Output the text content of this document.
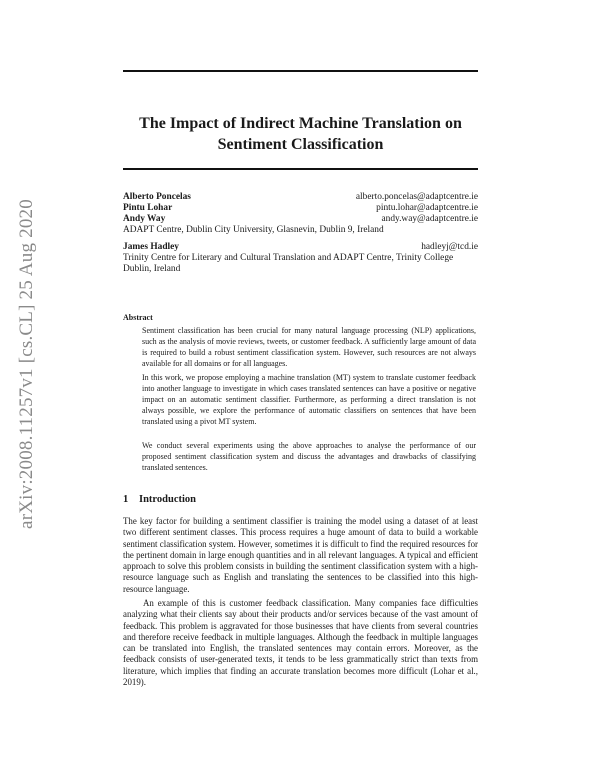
arXiv:2008.11257v1 [cs.CL] 25 Aug 2020
The Impact of Indirect Machine Translation on Sentiment Classification
Alberto Poncelas	alberto.poncelas@adaptcentre.ie
Pintu Lohar	pintu.lohar@adaptcentre.ie
Andy Way	andy.way@adaptcentre.ie

ADAPT Centre, Dublin City University, Glasnevin, Dublin 9, Ireland

James Hadley	hadleyj@tcd.ie

Trinity Centre for Literary and Cultural Translation and ADAPT Centre, Trinity College Dublin, Ireland

Abstract

Sentiment classification has been crucial for many natural language processing (NLP) applications, such as the analysis of movie reviews, tweets, or customer feedback. A sufficiently large amount of data is required to build a robust sentiment classification system. However, such resources are not always available for all domains or for all languages.

In this work, we propose employing a machine translation (MT) system to translate customer feedback into another language to investigate in which cases translated sentences can have a positive or negative impact on an automatic sentiment classifier. Furthermore, as performing a direct translation is not always possible, we explore the performance of automatic classifiers on sentences that have been translated using a pivot MT system.

We conduct several experiments using the above approaches to analyse the performance of our proposed sentiment classification system and discuss the advantages and drawbacks of classifying translated sentences.

1 Introduction

The key factor for building a sentiment classifier is training the model using a dataset of at least two different sentiment classes. This process requires a huge amount of data to build a workable sentiment classification system. However, sometimes it is difficult to find the required resources for the pertinent domain in large enough quantities and in all relevant languages. A typical and efficient approach to solve this problem consists in building the sentiment classification system with a high-resource language such as English and translating the sentences to be classified into this high-resource language.

An example of this is customer feedback classification. Many companies face difficulties analyzing what their clients say about their products and/or services because of the vast amount of feedback. This problem is aggravated for those businesses that have clients from several countries and therefore receive feedback in multiple languages. Although the feedback in multiple languages can be translated into English, the translated sentences may contain errors. Moreover, as the feedback consists of user-generated texts, it tends to be less grammatically strict than texts from literature, which implies that finding an accurate translation becomes more difficult (Lohar et al., 2019).
